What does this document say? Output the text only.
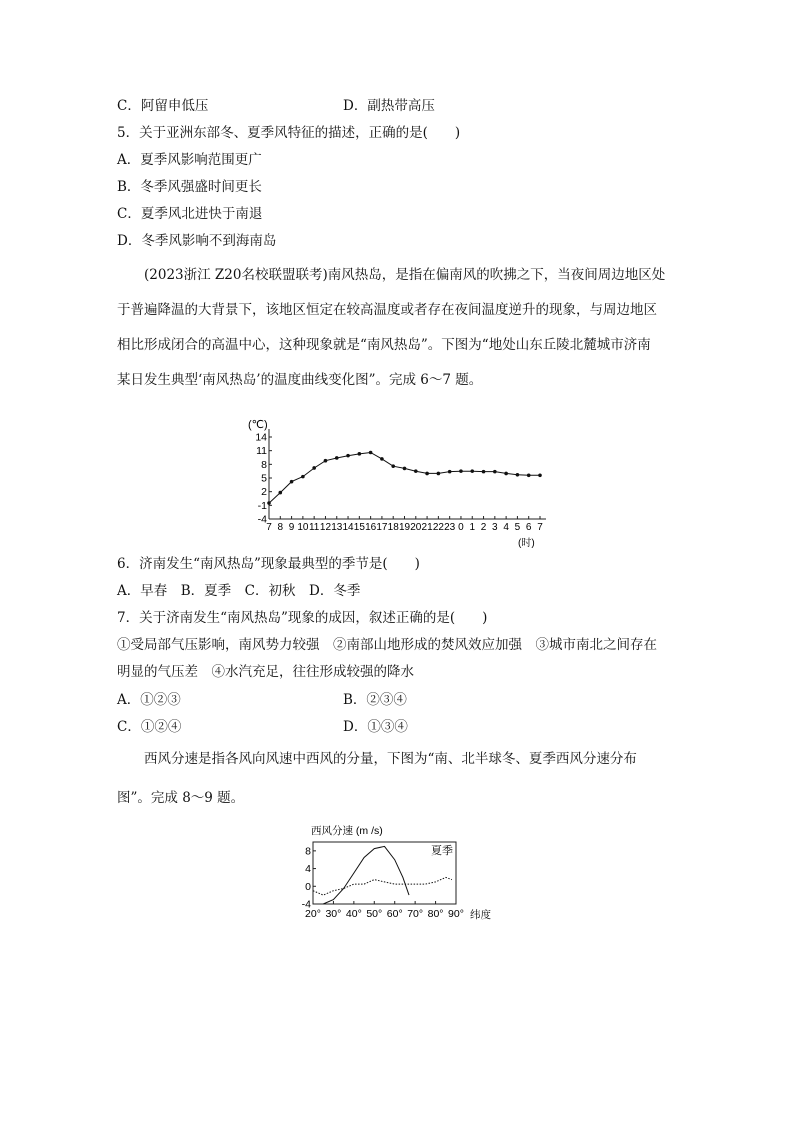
C．阿留申低压	D．副热带高压
5．关于亚洲东部冬、夏季风特征的描述，正确的是(　　)
A．夏季风影响范围更广
B．冬季风强盛时间更长
C．夏季风北进快于南退
D．冬季风影响不到海南岛
　　(2023浙江 Z20名校联盟联考)南风热岛，是指在偏南风的吹拂之下，当夜间周边地区处
于普遍降温的大背景下，该地区恒定在较高温度或者存在夜间温度逆升的现象，与周边地区
相比形成闭合的高温中心，这种现象就是“南风热岛”。下图为“地处山东丘陵北麓城市济南
某日发生典型‘南风热岛’的温度曲线变化图”。完成 6～7 题。
(℃)
(时)
14
11
8
5
2
-1
-4
7 8 9 10 11 12 13 14 15 16 17 18 19 20 21 22 23 0 1 2 3 4 5 6 7
6．济南发生“南风热岛”现象最典型的季节是(　　)
A．早春　B．夏季　C．初秋　D．冬季
7．关于济南发生“南风热岛”现象的成因，叙述正确的是(　　)
①受局部气压影响，南风势力较强　②南部山地形成的焚风效应加强　③城市南北之间存在
明显的气压差　④水汽充足，往往形成较强的降水
A．①②③	B．②③④
C．①②④	D．①③④
　　西风分速是指各风向风速中西风的分量，下图为“南、北半球冬、夏季西风分速分布
图”。完成 8～9 题。
西风分速 (m /s)
纬度
夏季
8
4
0
-4
20° 30° 40° 50° 60° 70° 80° 90°
